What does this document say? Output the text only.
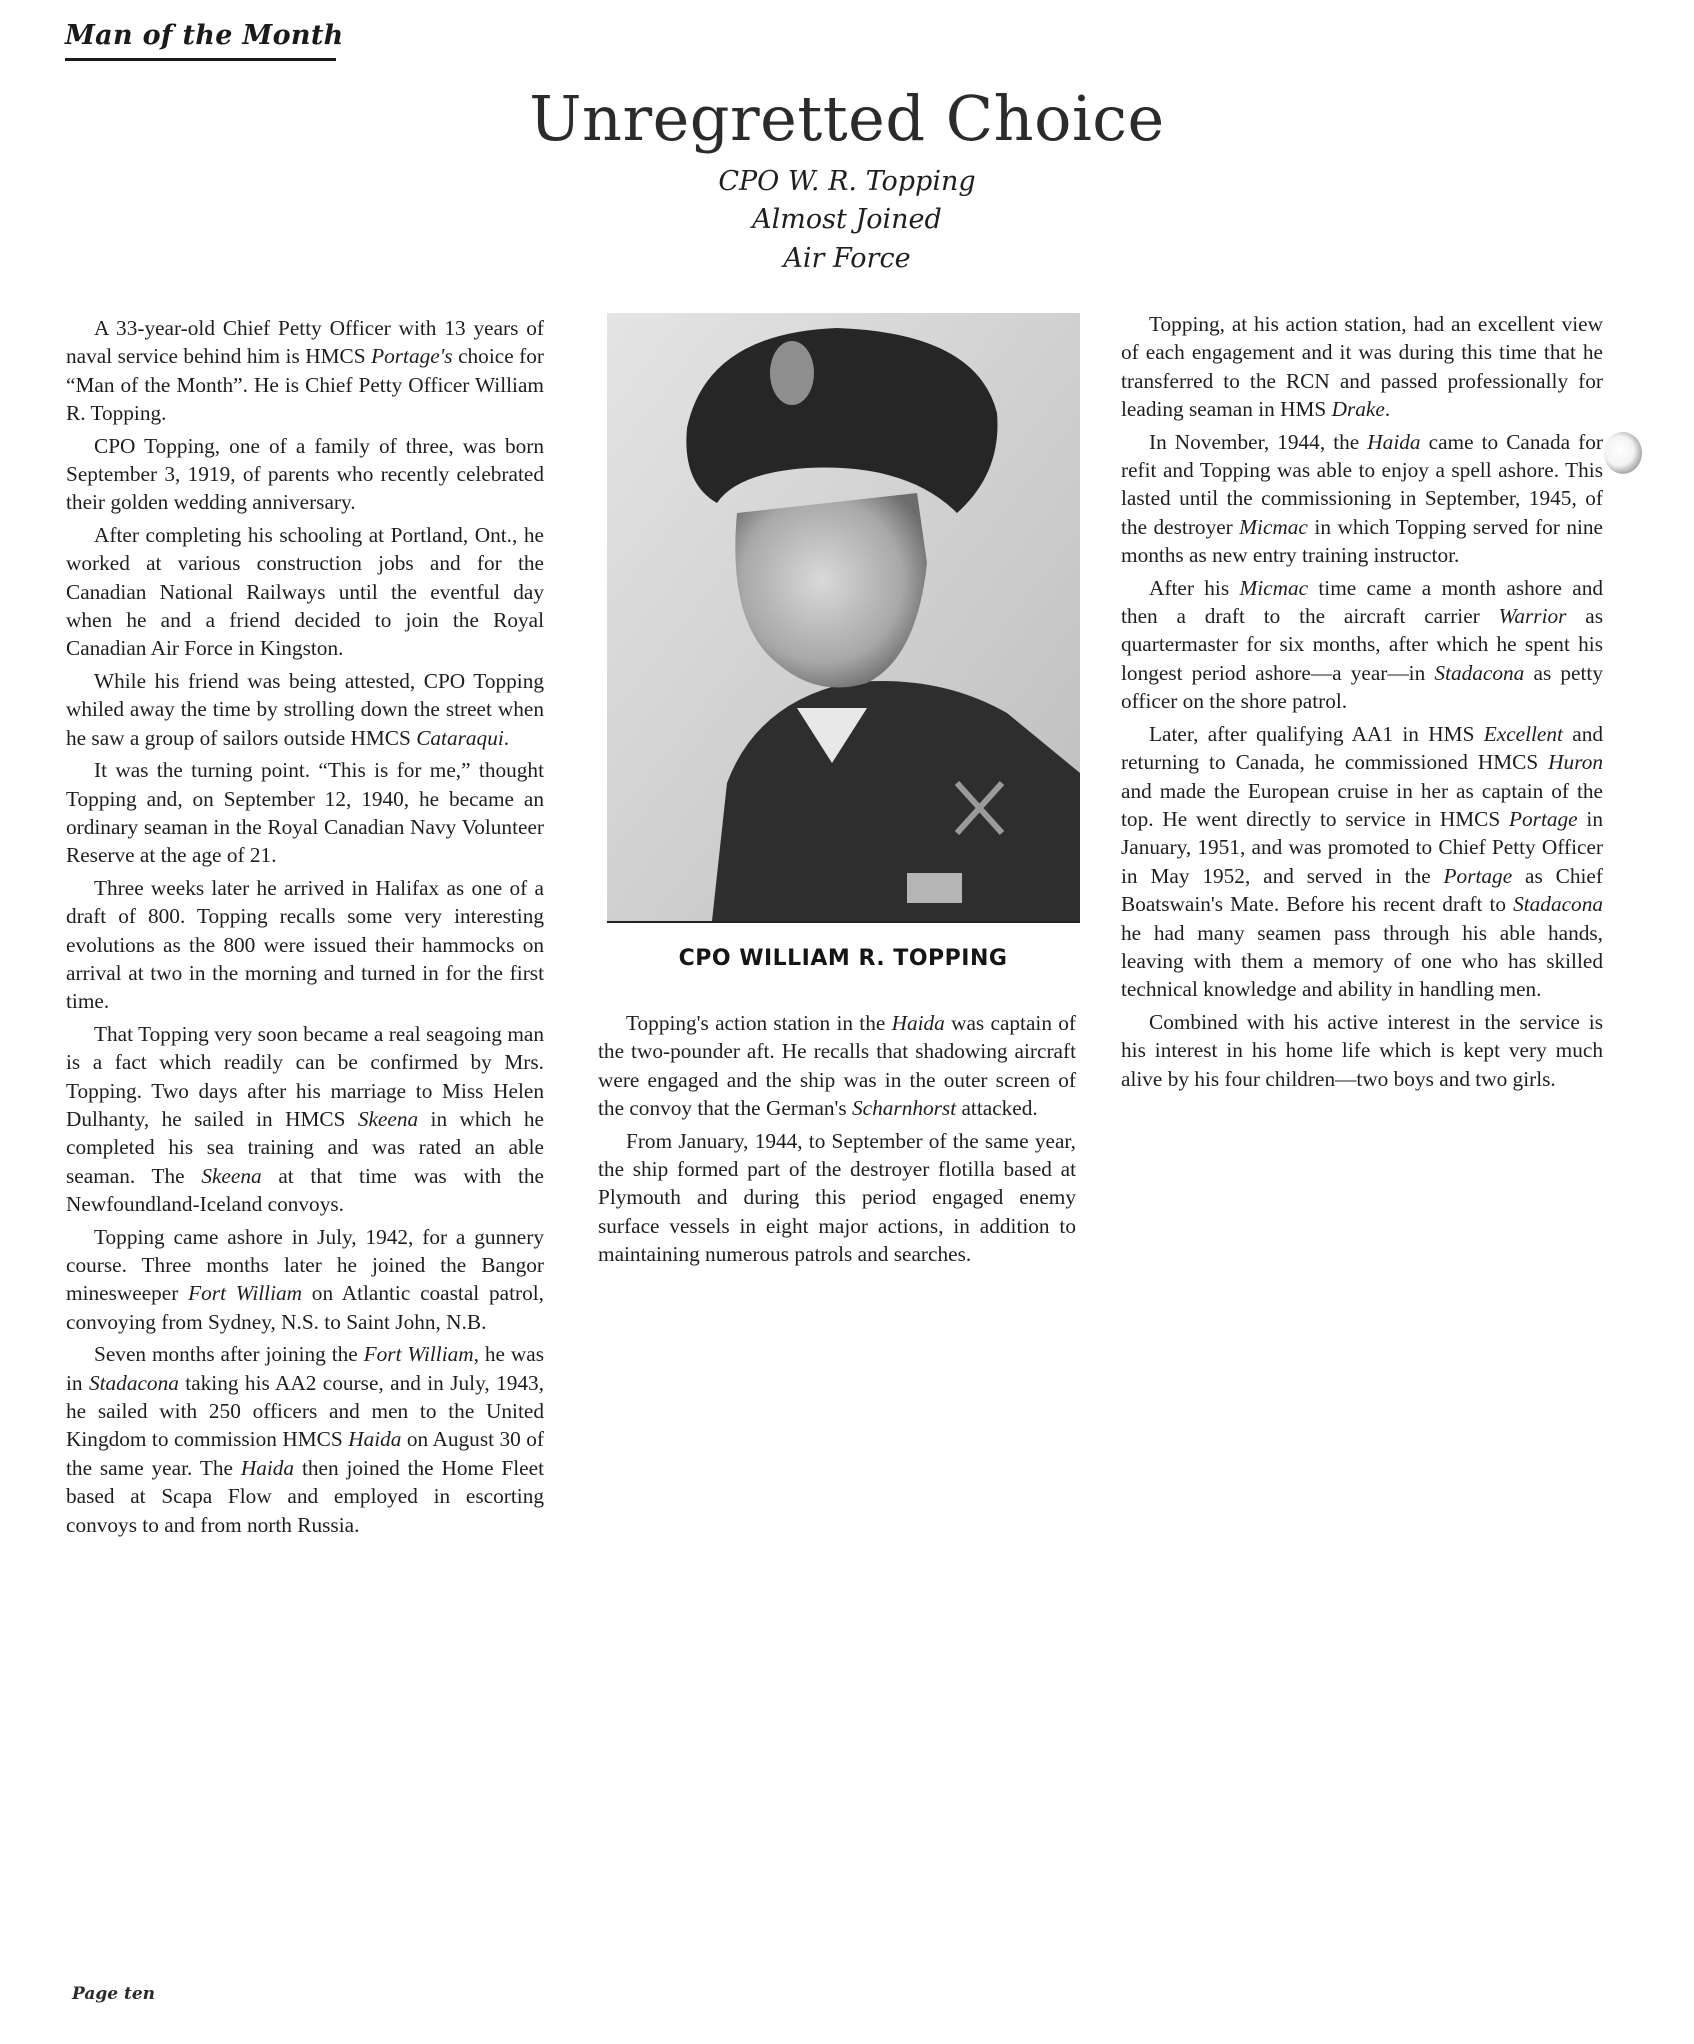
Man of the Month
Unregretted Choice
CPO W. R. Topping
Almost Joined
Air Force

A 33-year-old Chief Petty Officer with 13 years of naval service behind him is HMCS Portage's choice for “Man of the Month”. He is Chief Petty Officer William R. Topping.

CPO Topping, one of a family of three, was born September 3, 1919, of parents who recently celebrated their golden wedding anniversary.

After completing his schooling at Portland, Ont., he worked at various construction jobs and for the Canadian National Railways until the eventful day when he and a friend decided to join the Royal Canadian Air Force in Kingston.

While his friend was being attested, CPO Topping whiled away the time by strolling down the street when he saw a group of sailors outside HMCS Cataraqui.

It was the turning point. “This is for me,” thought Topping and, on September 12, 1940, he became an ordinary seaman in the Royal Canadian Navy Volunteer Reserve at the age of 21.

Three weeks later he arrived in Halifax as one of a draft of 800. Topping recalls some very interesting evolutions as the 800 were issued their hammocks on arrival at two in the morning and turned in for the first time.

That Topping very soon became a real seagoing man is a fact which readily can be confirmed by Mrs. Topping. Two days after his marriage to Miss Helen Dulhanty, he sailed in HMCS Skeena in which he completed his sea training and was rated an able seaman. The Skeena at that time was with the Newfoundland-Iceland convoys.

Topping came ashore in July, 1942, for a gunnery course. Three months later he joined the Bangor minesweeper Fort William on Atlantic coastal patrol, convoying from Sydney, N.S. to Saint John, N.B.

Seven months after joining the Fort William, he was in Stadacona taking his AA2 course, and in July, 1943, he sailed with 250 officers and men to the United Kingdom to commission HMCS Haida on August 30 of the same year. The Haida then joined the Home Fleet based at Scapa Flow and employed in escorting convoys to and from north Russia.

CPO WILLIAM R. TOPPING

Topping's action station in the Haida was captain of the two-pounder aft. He recalls that shadowing aircraft were engaged and the ship was in the outer screen of the convoy that the German's Scharnhorst attacked.

From January, 1944, to September of the same year, the ship formed part of the destroyer flotilla based at Plymouth and during this period engaged enemy surface vessels in eight major actions, in addition to maintaining numerous patrols and searches.

Topping, at his action station, had an excellent view of each engagement and it was during this time that he transferred to the RCN and passed professionally for leading seaman in HMS Drake.

In November, 1944, the Haida came to Canada for refit and Topping was able to enjoy a spell ashore. This lasted until the commissioning in September, 1945, of the destroyer Micmac in which Topping served for nine months as new entry training instructor.

After his Micmac time came a month ashore and then a draft to the aircraft carrier Warrior as quartermaster for six months, after which he spent his longest period ashore—a year—in Stadacona as petty officer on the shore patrol.

Later, after qualifying AA1 in HMS Excellent and returning to Canada, he commissioned HMCS Huron and made the European cruise in her as captain of the top. He went directly to service in HMCS Portage in January, 1951, and was promoted to Chief Petty Officer in May 1952, and served in the Portage as Chief Boatswain's Mate. Before his recent draft to Stadacona he had many seamen pass through his able hands, leaving with them a memory of one who has skilled technical knowledge and ability in handling men.

Combined with his active interest in the service is his interest in his home life which is kept very much alive by his four children—two boys and two girls.

Page ten
